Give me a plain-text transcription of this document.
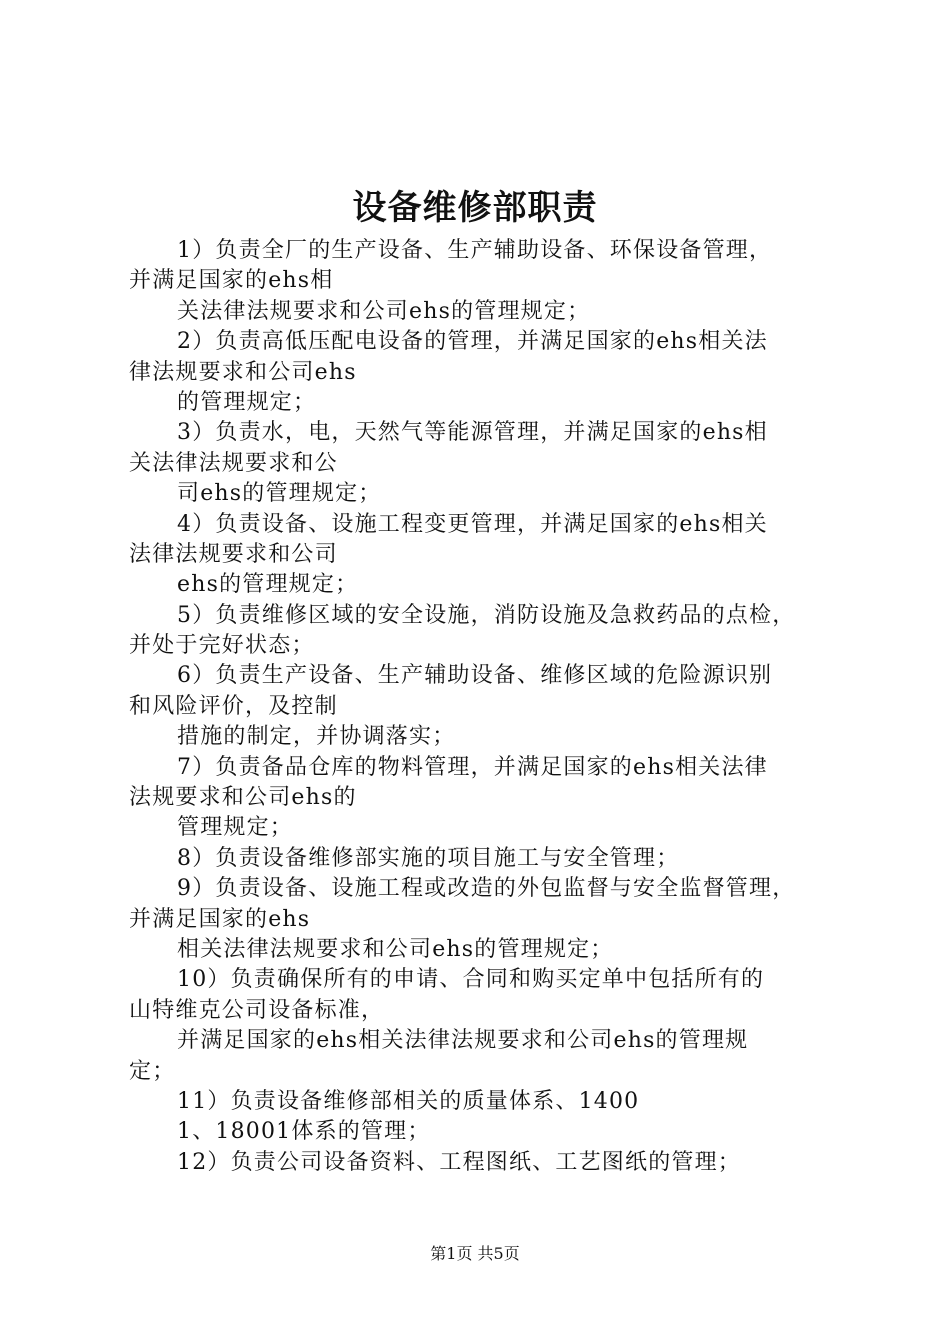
设备维修部职责
1）负责全厂的生产设备、生产辅助设备、环保设备管理，
并满足国家的ehs相
关法律法规要求和公司ehs的管理规定；
2）负责高低压配电设备的管理，并满足国家的ehs相关法
律法规要求和公司ehs
的管理规定；
3）负责水，电，天然气等能源管理，并满足国家的ehs相
关法律法规要求和公
司ehs的管理规定；
4）负责设备、设施工程变更管理，并满足国家的ehs相关
法律法规要求和公司
ehs的管理规定；
5）负责维修区域的安全设施，消防设施及急救药品的点检，
并处于完好状态；
6）负责生产设备、生产辅助设备、维修区域的危险源识别
和风险评价，及控制
措施的制定，并协调落实；
7）负责备品仓库的物料管理，并满足国家的ehs相关法律
法规要求和公司ehs的
管理规定；
8）负责设备维修部实施的项目施工与安全管理；
9）负责设备、设施工程或改造的外包监督与安全监督管理，
并满足国家的ehs
相关法律法规要求和公司ehs的管理规定；
10）负责确保所有的申请、合同和购买定单中包括所有的
山特维克公司设备标准，
并满足国家的ehs相关法律法规要求和公司ehs的管理规
定；
11）负责设备维修部相关的质量体系、1400
1、18001体系的管理；
12）负责公司设备资料、工程图纸、工艺图纸的管理；
第1页 共5页
